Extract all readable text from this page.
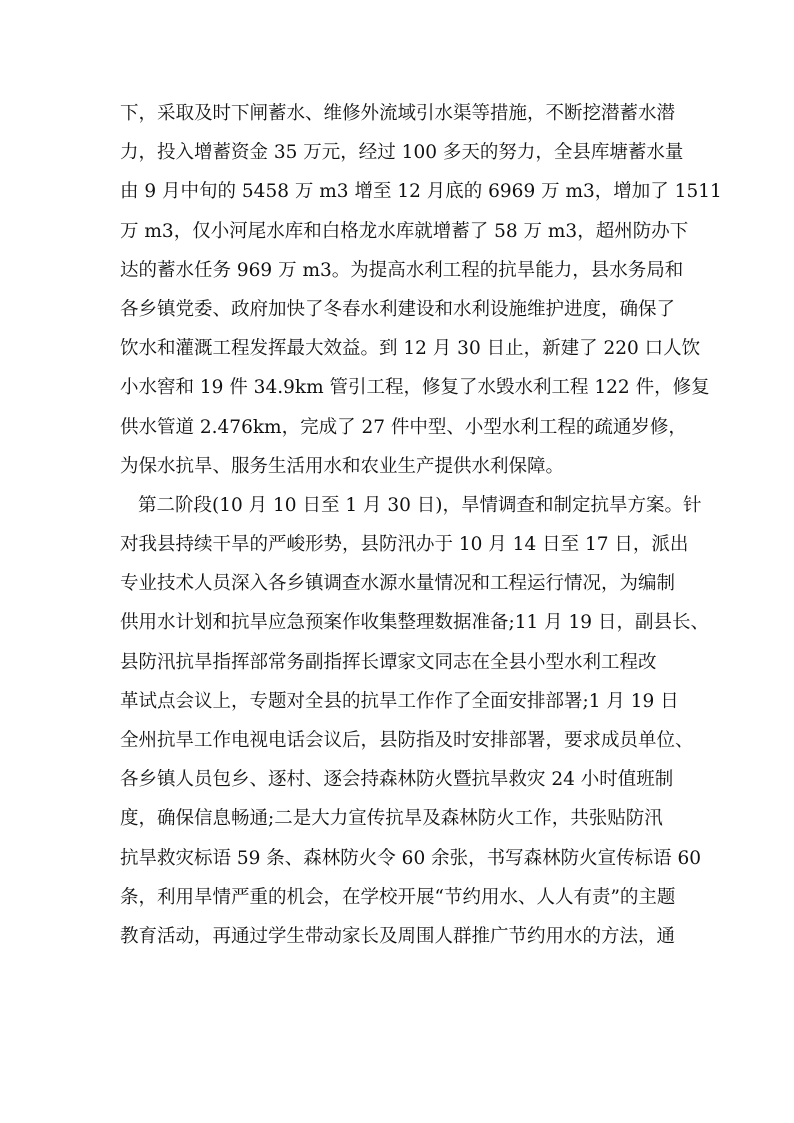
下，采取及时下闸蓄水、维修外流域引水渠等措施，不断挖潜蓄水潜
力，投入增蓄资金 35 万元，经过 100 多天的努力，全县库塘蓄水量
由 9 月中旬的 5458 万 m3 增至 12 月底的 6969 万 m3，增加了 1511
万 m3，仅小河尾水库和白格龙水库就增蓄了 58 万 m3，超州防办下
达的蓄水任务 969 万 m3。为提高水利工程的抗旱能力，县水务局和
各乡镇党委、政府加快了冬春水利建设和水利设施维护进度，确保了
饮水和灌溉工程发挥最大效益。到 12 月 30 日止，新建了 220 口人饮
小水窖和 19 件 34.9km 管引工程，修复了水毁水利工程 122 件，修复
供水管道 2.476km，完成了 27 件中型、小型水利工程的疏通岁修，
为保水抗旱、服务生活用水和农业生产提供水利保障。
第二阶段(10 月 10 日至 1 月 30 日)，旱情调查和制定抗旱方案。针
对我县持续干旱的严峻形势，县防汛办于 10 月 14 日至 17 日，派出
专业技术人员深入各乡镇调查水源水量情况和工程运行情况，为编制
供用水计划和抗旱应急预案作收集整理数据准备;11 月 19 日，副县长、
县防汛抗旱指挥部常务副指挥长谭家文同志在全县小型水利工程改
革试点会议上，专题对全县的抗旱工作作了全面安排部署;1 月 19 日
全州抗旱工作电视电话会议后，县防指及时安排部署，要求成员单位、
各乡镇人员包乡、逐村、逐会持森林防火暨抗旱救灾 24 小时值班制
度，确保信息畅通;二是大力宣传抗旱及森林防火工作，共张贴防汛
抗旱救灾标语 59 条、森林防火令 60 余张，书写森林防火宣传标语 60
条，利用旱情严重的机会，在学校开展“节约用水、人人有责”的主题
教育活动，再通过学生带动家长及周围人群推广节约用水的方法，通
